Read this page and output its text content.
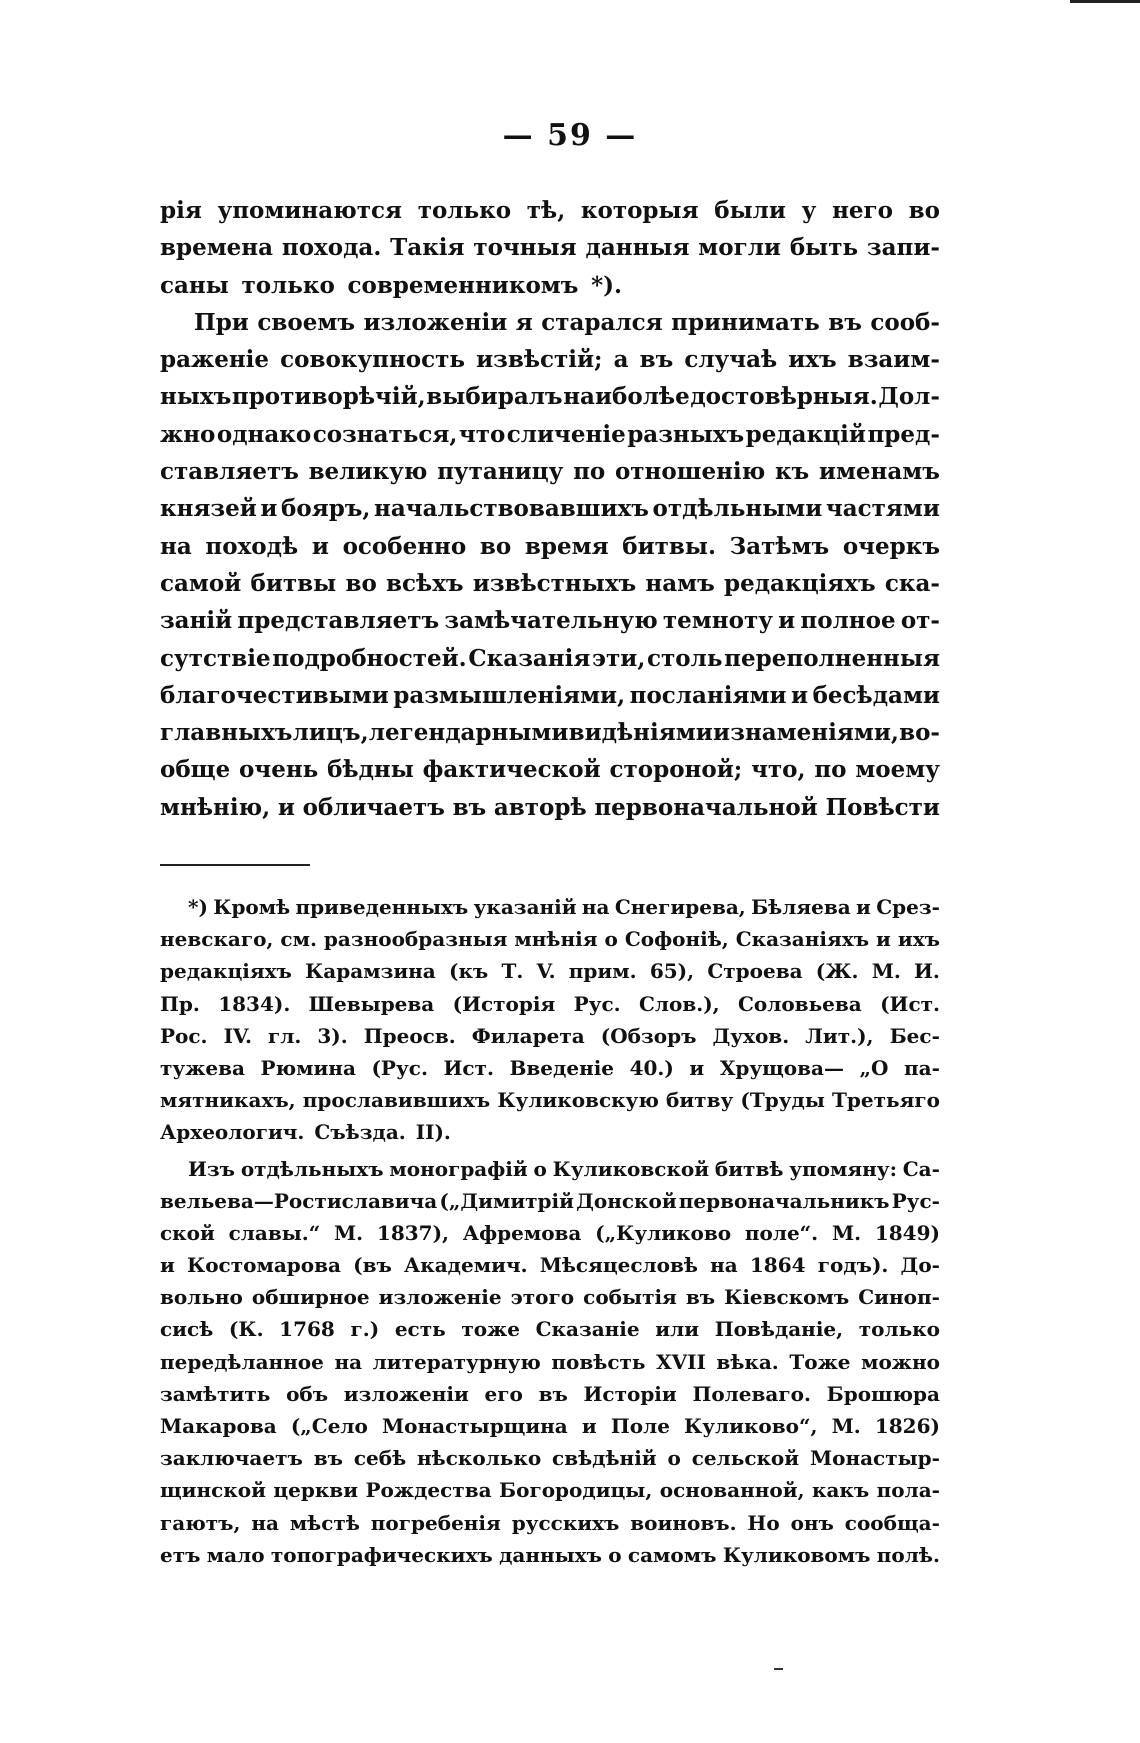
— 59 —
рія упоминаются только тѣ, которыя были у него во
времена похода. Такія точныя данныя могли быть запи-
саны только современникомъ *).
При своемъ изложеніи я старался принимать въ сооб-
раженіе совокупность извѣстій; а въ случаѣ ихъ взаим-
ныхъ противорѣчій, выбиралъ наиболѣе достовѣрныя. Дол-
жно однако сознаться, что сличеніе разныхъ редакцій пред-
ставляетъ великую путаницу по отношенію къ именамъ
князей и бояръ, начальствовавшихъ отдѣльными частями
на походѣ и особенно во время битвы. Затѣмъ очеркъ
самой битвы во всѣхъ извѣстныхъ намъ редакціяхъ ска-
заній представляетъ замѣчательную темноту и полное от-
сутствіе подробностей. Сказанія эти, столь переполненныя
благочестивыми размышленіями, посланіями и бесѣдами
главныхъ лицъ, легендарными видѣніями и знаменіями, во-
обще очень бѣдны фактической стороной; что, по моему
мнѣнію, и обличаетъ въ авторѣ первоначальной Повѣсти
*) Кромѣ приведенныхъ указаній на Снегирева, Бѣляева и Срез-
невскаго, см. разнообразныя мнѣнія о Софоніѣ, Сказаніяхъ и ихъ
редакціяхъ Карамзина (къ Т. V. прим. 65), Строева (Ж. М. И.
Пр. 1834). Шевырева (Исторія Рус. Слов.), Соловьева (Ист.
Рос. IV. гл. 3). Преосв. Филарета (Обзоръ Духов. Лит.), Бес-
тужева Рюмина (Рус. Ист. Введеніе 40.) и Хрущова— „О па-
мятникахъ, прославившихъ Куликовскую битву (Труды Третьяго
Археологич. Съѣзда. II).
Изъ отдѣльныхъ монографій о Куликовской битвѣ упомяну: Са-
вельева—Ростиславича („Димитрій Донской первоначальникъ Рус-
ской славы.“ М. 1837), Афремова („Куликово поле“. М. 1849)
и Костомарова (въ Академич. Мѣсяцесловѣ на 1864 годъ). До-
вольно обширное изложеніе этого событія въ Кіевскомъ Синоп-
сисѣ (К. 1768 г.) есть тоже Сказаніе или Повѣданіе, только
передѣланное на литературную повѣсть XVII вѣка. Тоже можно
замѣтить объ изложеніи его въ Исторіи Полеваго. Брошюра
Макарова („Село Монастырщина и Поле Куликово“, М. 1826)
заключаетъ въ себѣ нѣсколько свѣдѣній о сельской Монастыр-
щинской церкви Рождества Богородицы, основанной, какъ пола-
гаютъ, на мѣстѣ погребенія русскихъ воиновъ. Но онъ сообща-
етъ мало топографическихъ данныхъ о самомъ Куликовомъ полѣ.
